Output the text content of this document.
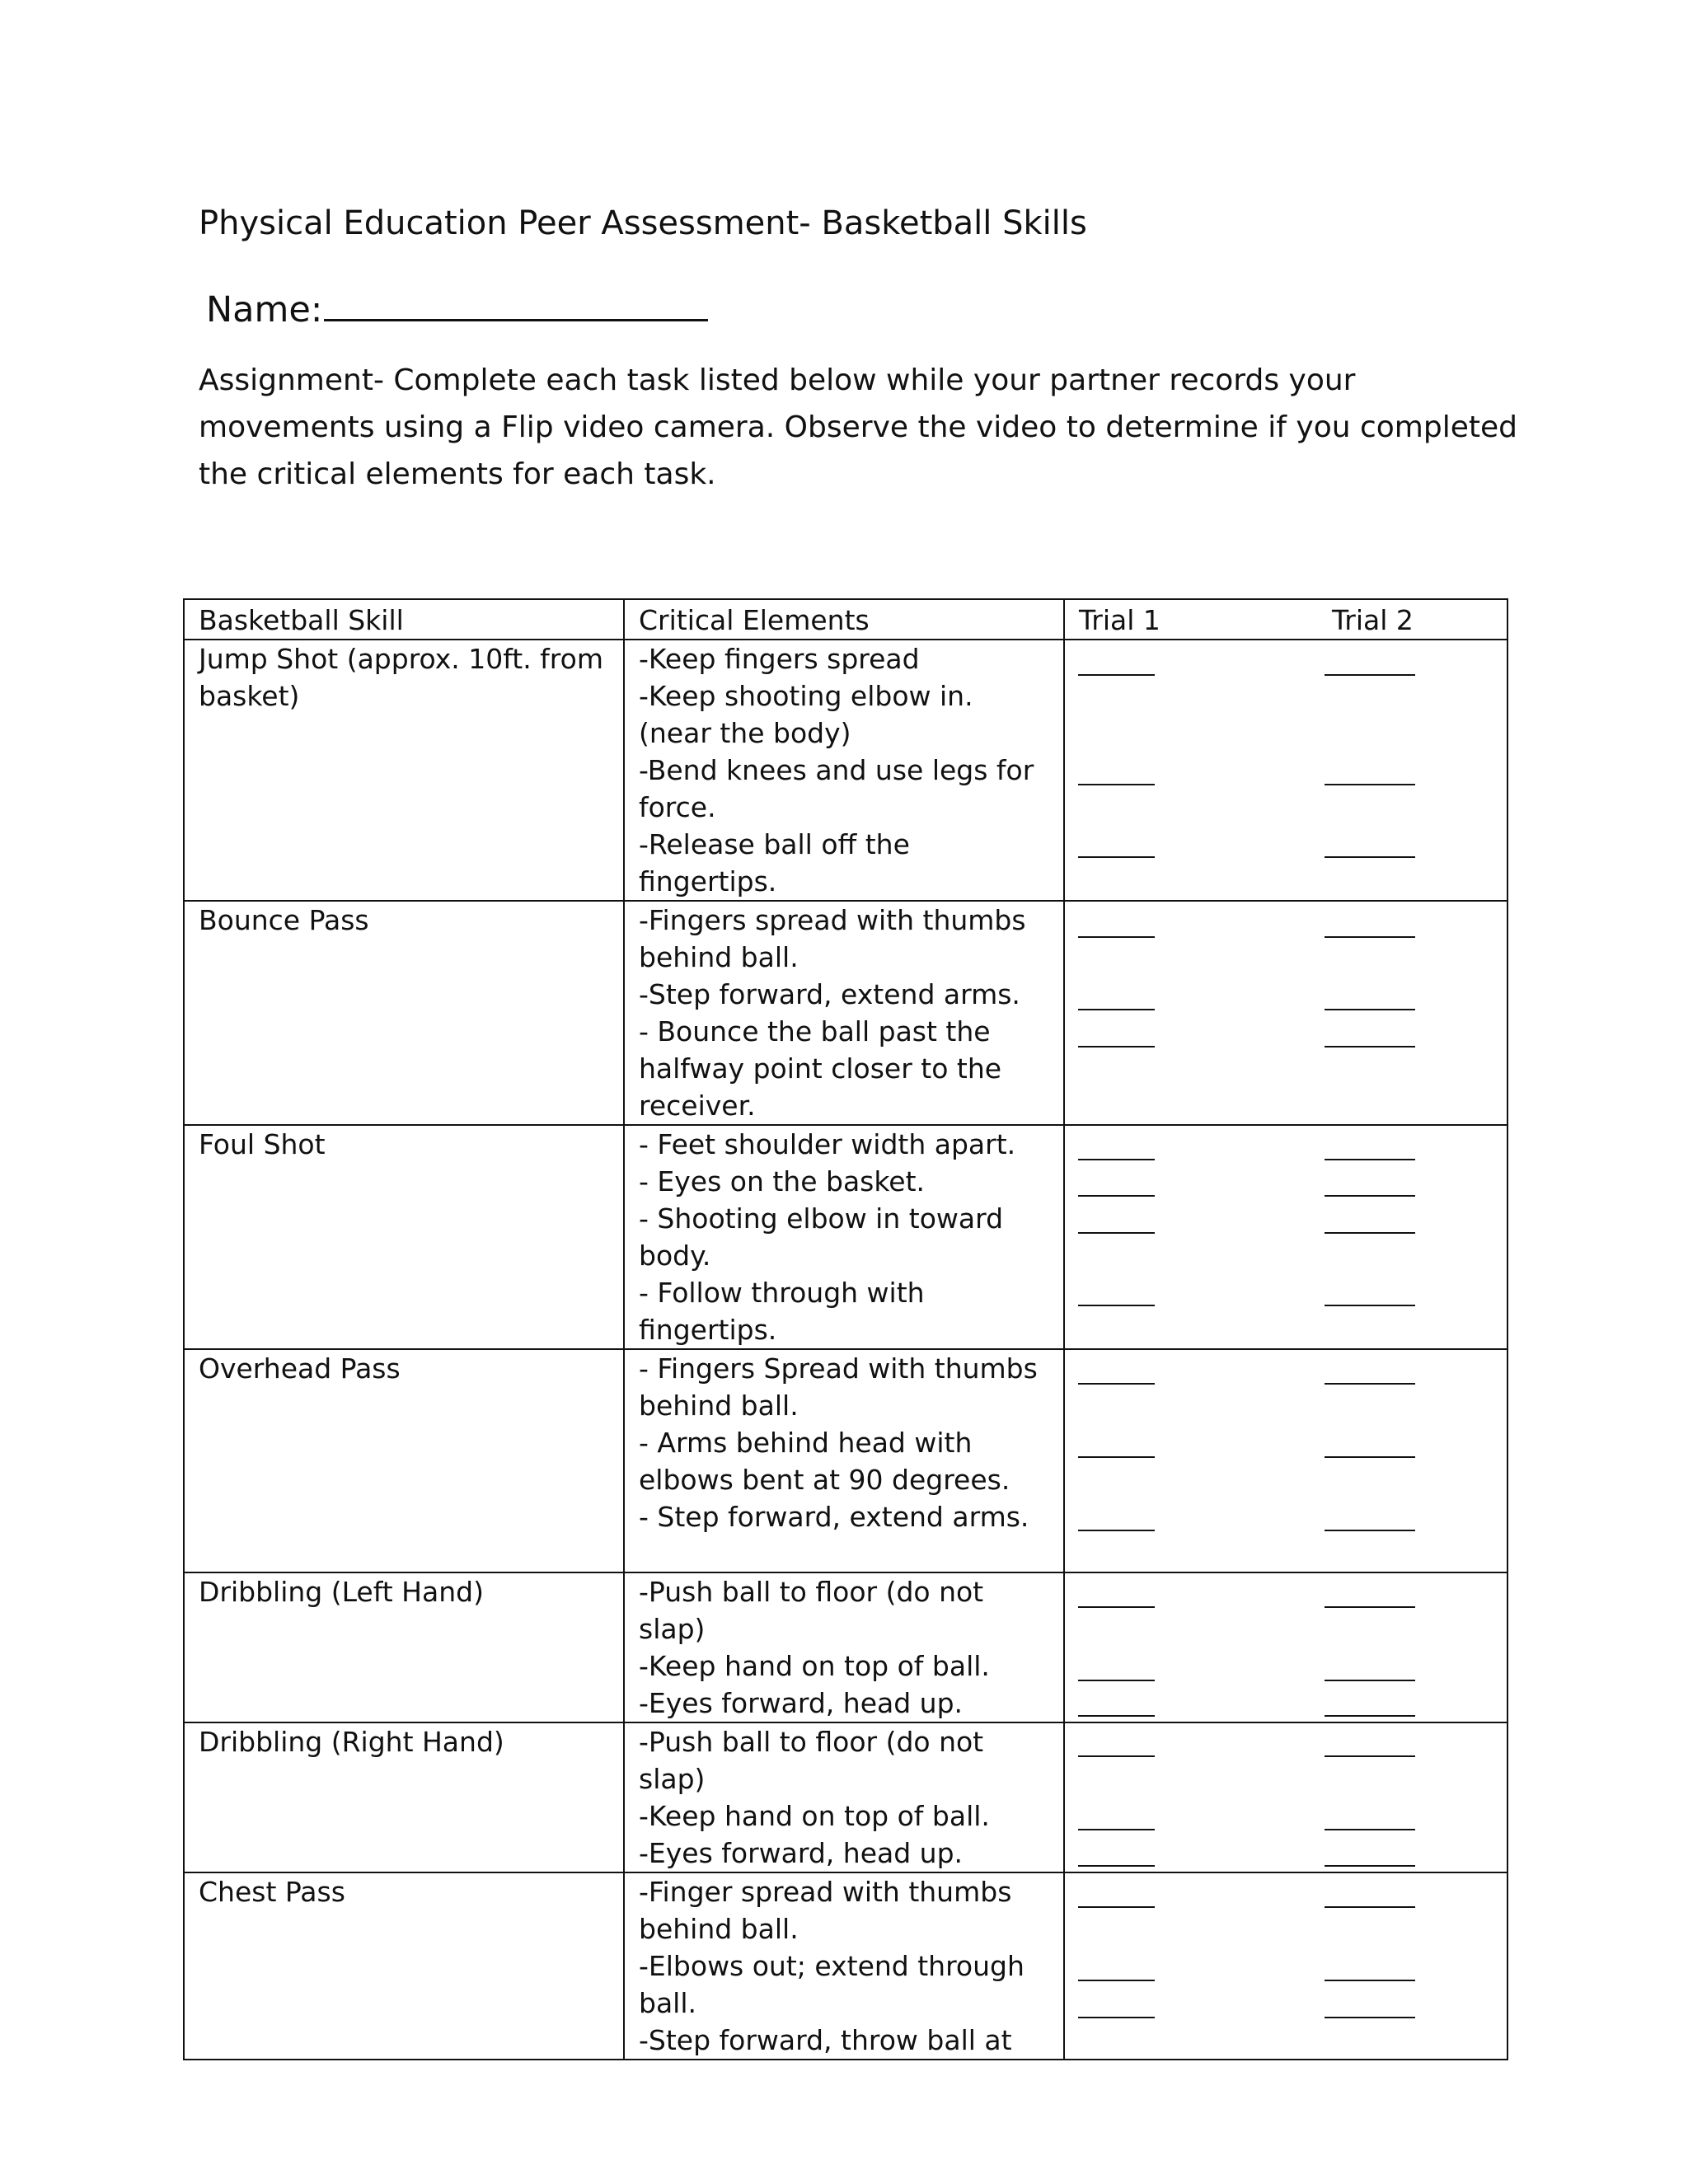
Physical Education Peer Assessment- Basketball Skills
Name:
Assignment- Complete each task listed below while your partner records your movements using a Flip video camera. Observe the video to determine if you completed the critical elements for each task.
Basketball Skill	Critical Elements	Trial 1 Trial 2

Jump Shot (approx. 10ft. from basket)	-Keep fingers spread
-Keep shooting elbow in. (near the body)
-Bend knees and use legs for force.
-Release ball off the fingertips.	

Bounce Pass	-Fingers spread with thumbs behind ball.
-Step forward, extend arms.
- Bounce the ball past the halfway point closer to the receiver.	

Foul Shot	- Feet shoulder width apart.
- Eyes on the basket.
- Shooting elbow in toward body.
- Follow through with fingertips.	

Overhead Pass	- Fingers Spread with thumbs behind ball.
- Arms behind head with elbows bent at 90 degrees.
- Step forward, extend arms.	

Dribbling (Left Hand)	-Push ball to floor (do not slap)
-Keep hand on top of ball.
-Eyes forward, head up.	

Dribbling (Right Hand)	-Push ball to floor (do not slap)
-Keep hand on top of ball.
-Eyes forward, head up.	

Chest Pass	-Finger spread with thumbs behind ball.
-Elbows out; extend through ball.
-Step forward, throw ball at	
